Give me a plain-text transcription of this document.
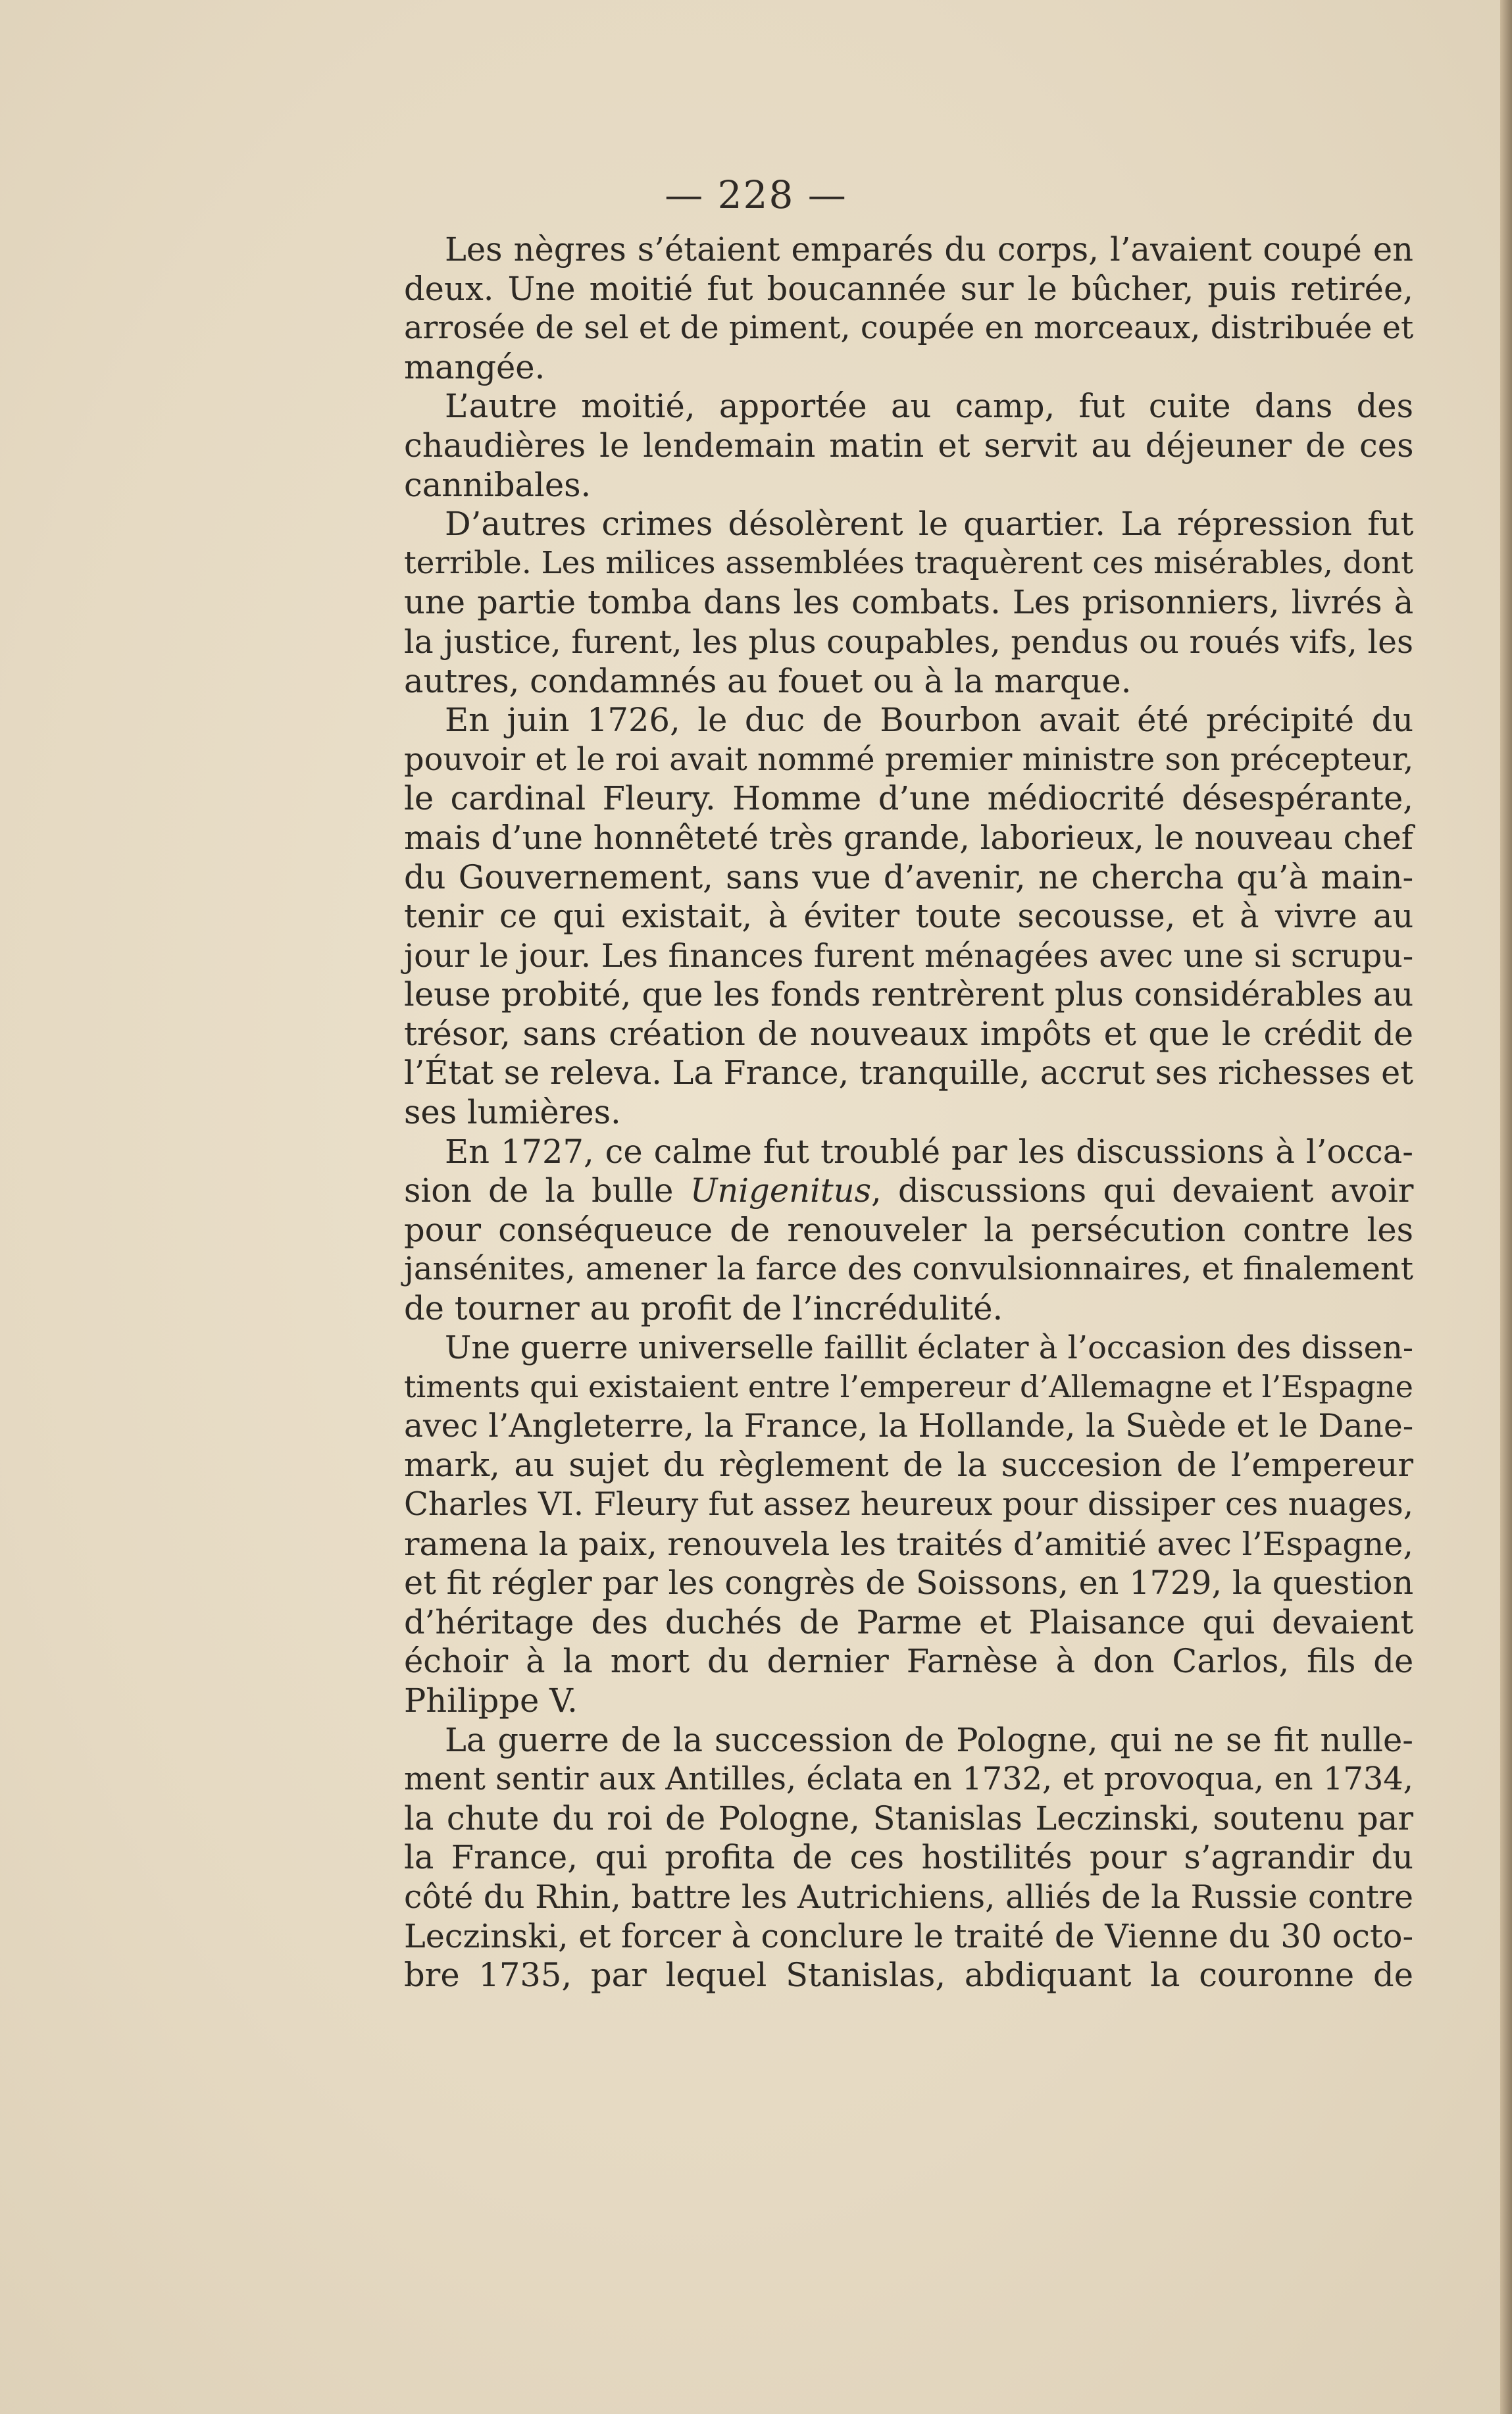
— 228 —
Les nègres s’étaient emparés du corps, l’avaient coupé en
deux. Une moitié fut boucannée sur le bûcher, puis retirée,
arrosée de sel et de piment, coupée en morceaux, distribuée et
mangée.
L’autre moitié, apportée au camp, fut cuite dans des
chaudières le lendemain matin et servit au déjeuner de ces
cannibales.
D’autres crimes désolèrent le quartier. La répression fut
terrible. Les milices assemblées traquèrent ces misérables, dont
une partie tomba dans les combats. Les prisonniers, livrés à
la justice, furent, les plus coupables, pendus ou roués vifs, les
autres, condamnés au fouet ou à la marque.
En juin 1726, le duc de Bourbon avait été précipité du
pouvoir et le roi avait nommé premier ministre son précepteur,
le cardinal Fleury. Homme d’une médiocrité désespérante,
mais d’une honnêteté très grande, laborieux, le nouveau chef
du Gouvernement, sans vue d’avenir, ne chercha qu’à main-
tenir ce qui existait, à éviter toute secousse, et à vivre au
jour le jour. Les finances furent ménagées avec une si scrupu-
leuse probité, que les fonds rentrèrent plus considérables au
trésor, sans création de nouveaux impôts et que le crédit de
l’État se releva. La France, tranquille, accrut ses richesses et
ses lumières.
En 1727, ce calme fut troublé par les discussions à l’occa-
sion de la bulle Unigenitus, discussions qui devaient avoir
pour conséqueuce de renouveler la persécution contre les
jansénites, amener la farce des convulsionnaires, et finalement
de tourner au profit de l’incrédulité.
Une guerre universelle faillit éclater à l’occasion des dissen-
timents qui existaient entre l’empereur d’Allemagne et l’Espagne
avec l’Angleterre, la France, la Hollande, la Suède et le Dane-
mark, au sujet du règlement de la succesion de l’empereur
Charles VI. Fleury fut assez heureux pour dissiper ces nuages,
ramena la paix, renouvela les traités d’amitié avec l’Espagne,
et fit régler par les congrès de Soissons, en 1729, la question
d’héritage des duchés de Parme et Plaisance qui devaient
échoir à la mort du dernier Farnèse à don Carlos, fils de
Philippe V.
La guerre de la succession de Pologne, qui ne se fit nulle-
ment sentir aux Antilles, éclata en 1732, et provoqua, en 1734,
la chute du roi de Pologne, Stanislas Leczinski, soutenu par
la France, qui profita de ces hostilités pour s’agrandir du
côté du Rhin, battre les Autrichiens, alliés de la Russie contre
Leczinski, et forcer à conclure le traité de Vienne du 30 octo-
bre 1735, par lequel Stanislas, abdiquant la couronne de
